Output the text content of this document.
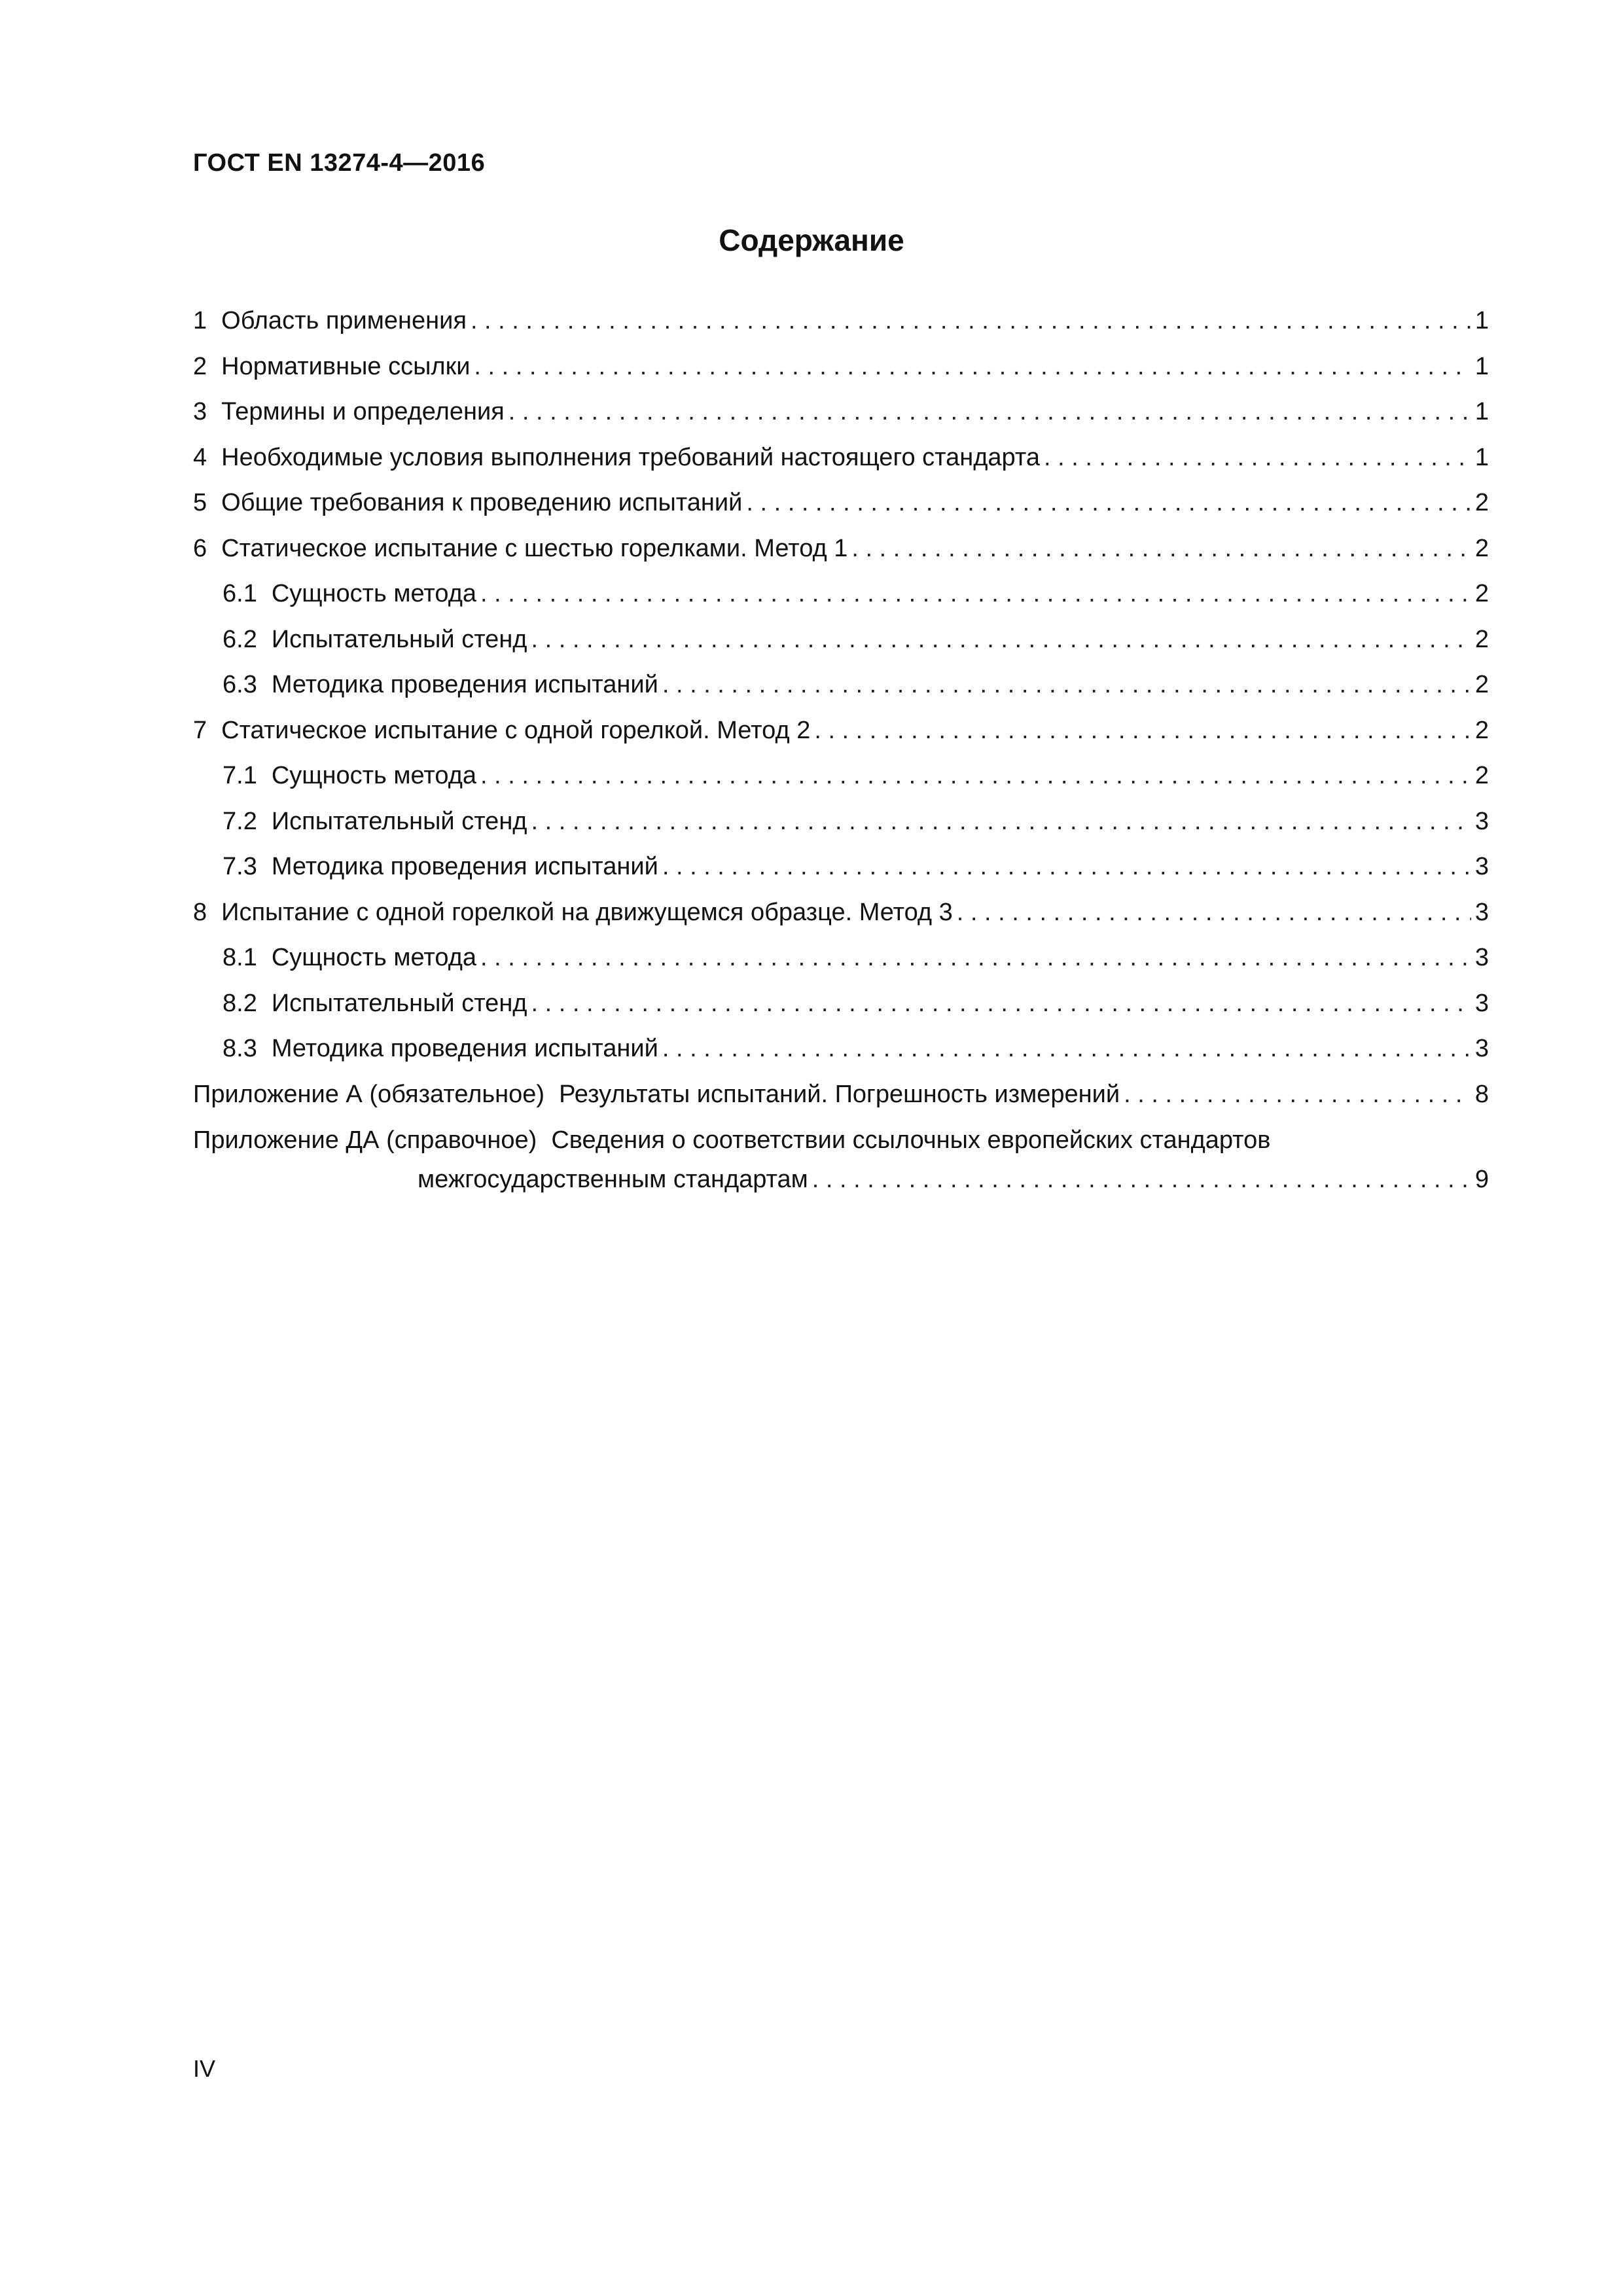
ГОСТ EN 13274-4—2016
Содержание
1 Область применения . . .	1
2 Нормативные ссылки . . .	1
3 Термины и определения . . .	1
4 Необходимые условия выполнения требований настоящего стандарта . . .	1
5 Общие требования к проведению испытаний . . .	2
6 Статическое испытание с шестью горелками. Метод 1 . . .	2
6.1 Сущность метода . . .	2
6.2 Испытательный стенд . . .	2
6.3 Методика проведения испытаний . . .	2
7 Статическое испытание с одной горелкой. Метод 2 . . .	2
7.1 Сущность метода . . .	2
7.2 Испытательный стенд . . .	3
7.3 Методика проведения испытаний . . .	3
8 Испытание с одной горелкой на движущемся образце. Метод 3 . . .	3
8.1 Сущность метода . . .	3
8.2 Испытательный стенд . . .	3
8.3 Методика проведения испытаний . . .	3
Приложение А (обязательное) Результаты испытаний. Погрешность измерений . . .	8
Приложение ДА (справочное) Сведения о соответствии ссылочных европейских стандартов
межгосударственным стандартам . . .	9
IV
